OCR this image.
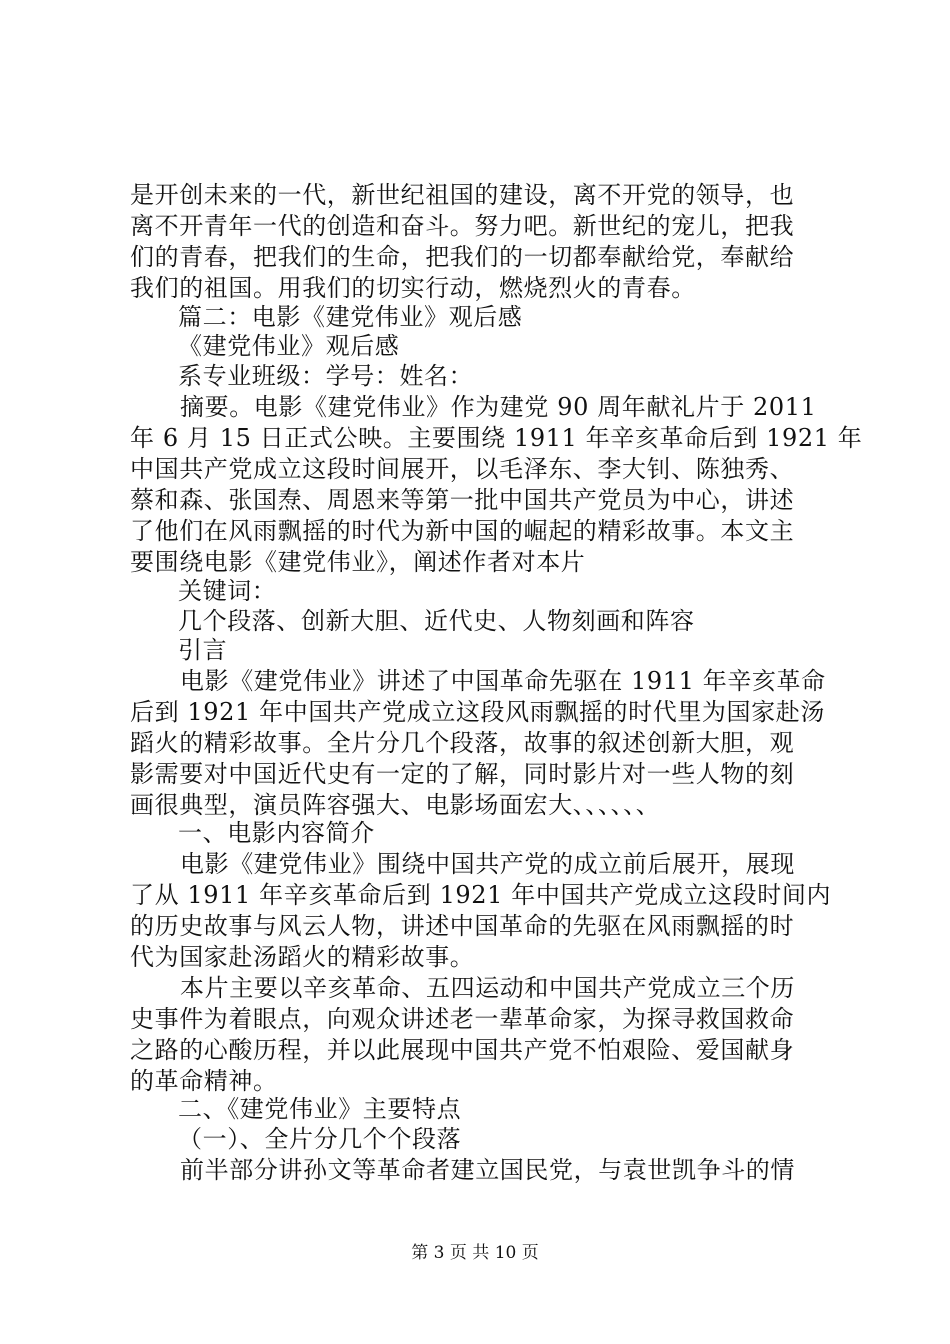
是开创未来的一代，新世纪祖国的建设，离不开党的领导，也
离不开青年一代的创造和奋斗。努力吧。新世纪的宠儿，把我
们的青春，把我们的生命，把我们的一切都奉献给党，奉献给
我们的祖国。用我们的切实行动，燃烧烈火的青春。
篇二：电影《建党伟业》观后感
《建党伟业》观后感
系专业班级：学号：姓名：
摘要。电影《建党伟业》作为建党 90 周年献礼片于 2011
年 6 月 15 日正式公映。主要围绕 1911 年辛亥革命后到 1921 年
中国共产党成立这段时间展开，以毛泽东、李大钊、陈独秀、
蔡和森、张国焘、周恩来等第一批中国共产党员为中心，讲述
了他们在风雨飘摇的时代为新中国的崛起的精彩故事。本文主
要围绕电影《建党伟业》，阐述作者对本片
关键词：
几个段落、创新大胆、近代史、人物刻画和阵容
引言
电影《建党伟业》讲述了中国革命先驱在 1911 年辛亥革命
后到 1921 年中国共产党成立这段风雨飘摇的时代里为国家赴汤
蹈火的精彩故事。全片分几个段落，故事的叙述创新大胆，观
影需要对中国近代史有一定的了解，同时影片对一些人物的刻
画很典型，演员阵容强大、电影场面宏大、、、、、、
一、电影内容简介
电影《建党伟业》围绕中国共产党的成立前后展开，展现
了从 1911 年辛亥革命后到 1921 年中国共产党成立这段时间内
的历史故事与风云人物，讲述中国革命的先驱在风雨飘摇的时
代为国家赴汤蹈火的精彩故事。
本片主要以辛亥革命、五四运动和中国共产党成立三个历
史事件为着眼点，向观众讲述老一辈革命家，为探寻救国救命
之路的心酸历程，并以此展现中国共产党不怕艰险、爱国献身
的革命精神。
二、《建党伟业》主要特点
（一）、全片分几个个段落
前半部分讲孙文等革命者建立国民党，与袁世凯争斗的情
第 3 页 共 10 页
